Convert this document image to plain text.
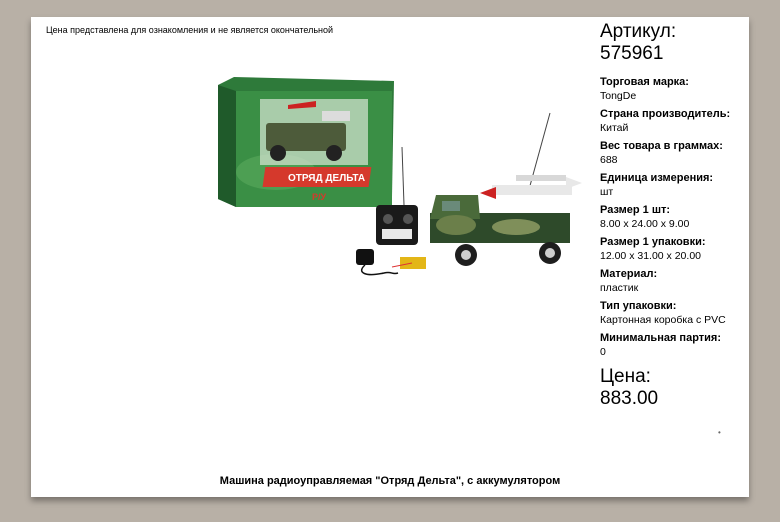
Цена представлена для ознакомления и не является окончательной
ОТРЯД ДЕЛЬТА
Р/У
Артикул:
575961
Торговая марка:
TongDe
Страна производитель:
Китай
Вес товара в граммах:
688
Единица измерения:
шт
Размер 1 шт:
8.00 x 24.00 x 9.00
Размер 1 упаковки:
12.00 x 31.00 x 20.00
Материал:
пластик
Тип упаковки:
Картонная коробка с PVC
Минимальная партия:
0
Цена:
883.00
•
Машина радиоуправляемая "Отряд Дельта", с аккумулятором
